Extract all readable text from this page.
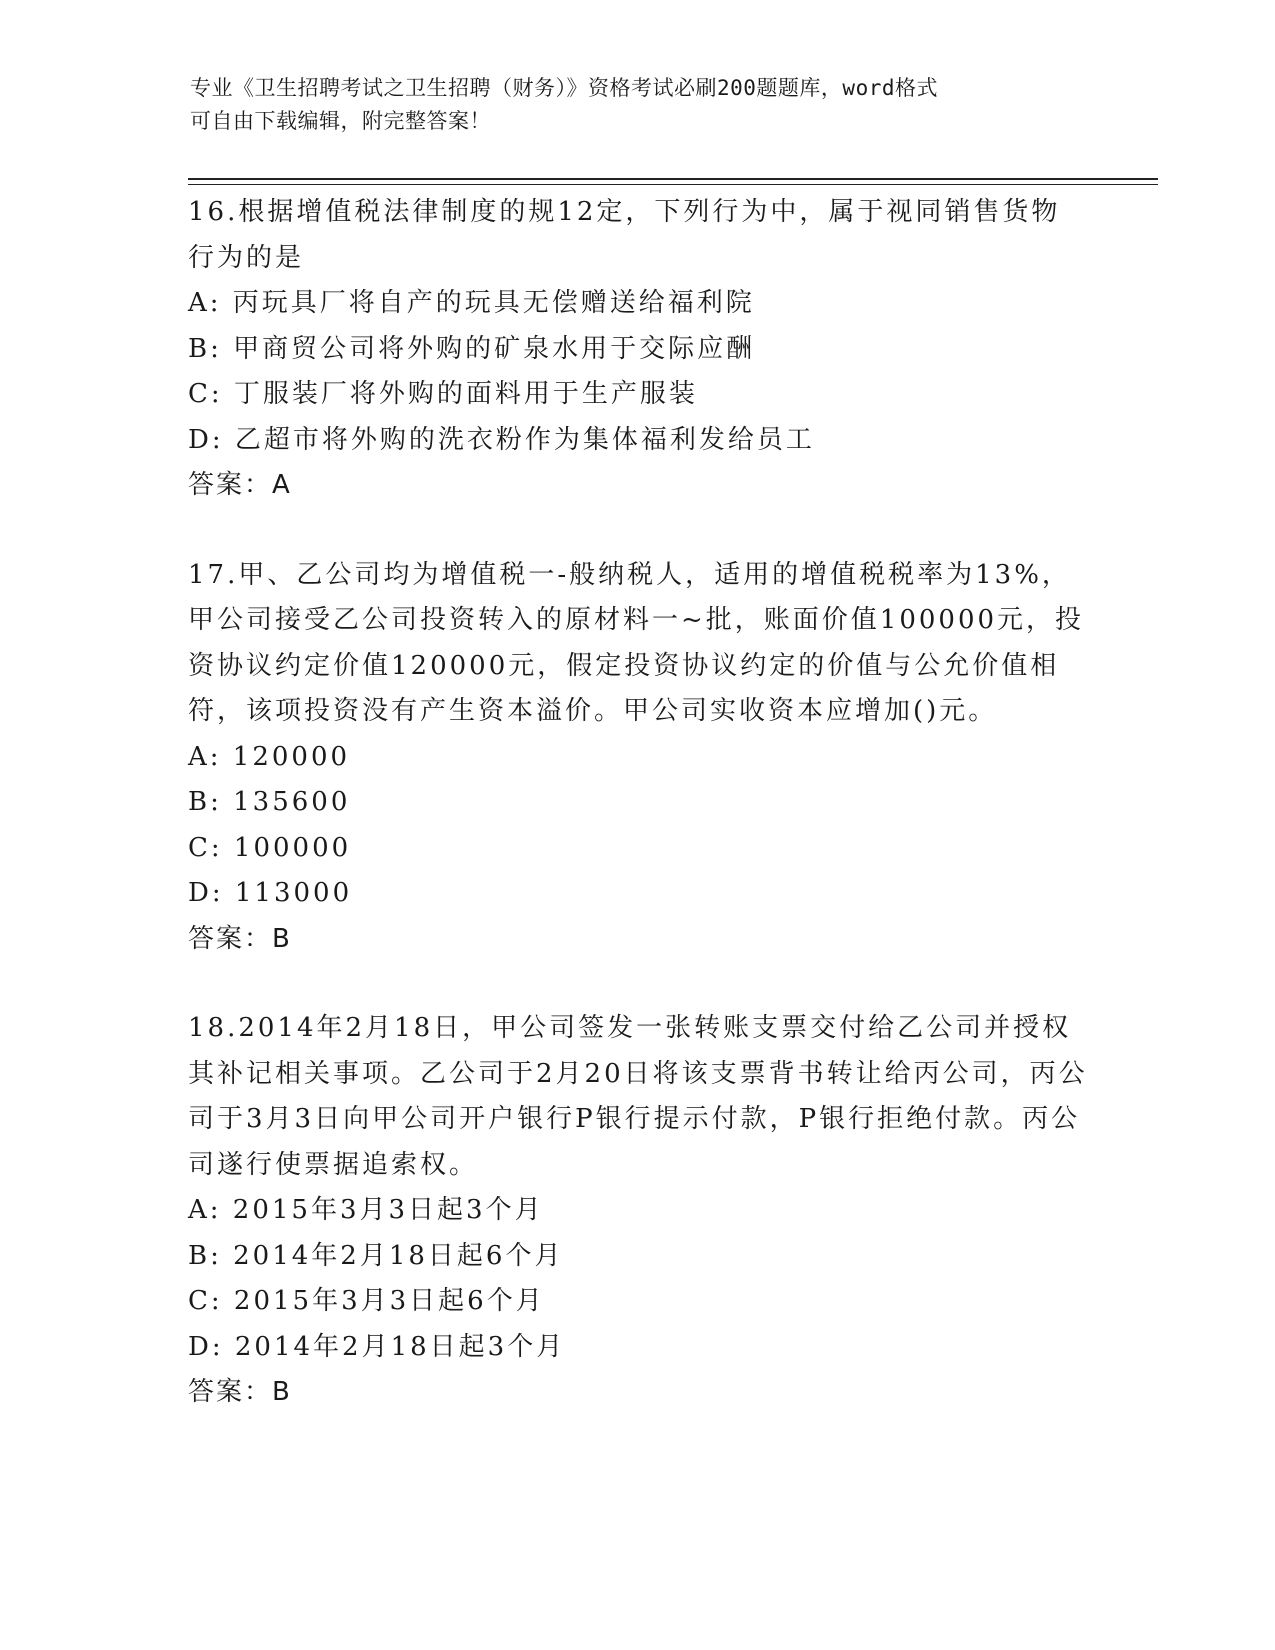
专业《卫生招聘考试之卫生招聘（财务）》资格考试必刷200题题库，word格式
可自由下载编辑，附完整答案！

16.根据增值税法律制度的规12定，下列行为中，属于视同销售货物行为的是

A: 丙玩具厂将自产的玩具无偿赠送给福利院

B: 甲商贸公司将外购的矿泉水用于交际应酬

C: 丁服装厂将外购的面料用于生产服装

D: 乙超市将外购的洗衣粉作为集体福利发给员工

答案：A

17.甲、乙公司均为增值税一-般纳税人，适用的增值税税率为13%，甲公司接受乙公司投资转入的原材料一~批，账面价值100000元，投资协议约定价值120000元，假定投资协议约定的价值与公允价值相符，该项投资没有产生资本溢价。甲公司实收资本应增加()元。

A: 120000

B: 135600

C: 100000

D: 113000

答案：B

18.2014年2月18日，甲公司签发一张转账支票交付给乙公司并授权其补记相关事项。乙公司于2月20日将该支票背书转让给丙公司，丙公司于3月3日向甲公司开户银行P银行提示付款，P银行拒绝付款。丙公司遂行使票据追索权。

A: 2015年3月3日起3个月

B: 2014年2月18日起6个月

C: 2015年3月3日起6个月

D: 2014年2月18日起3个月

答案：B
